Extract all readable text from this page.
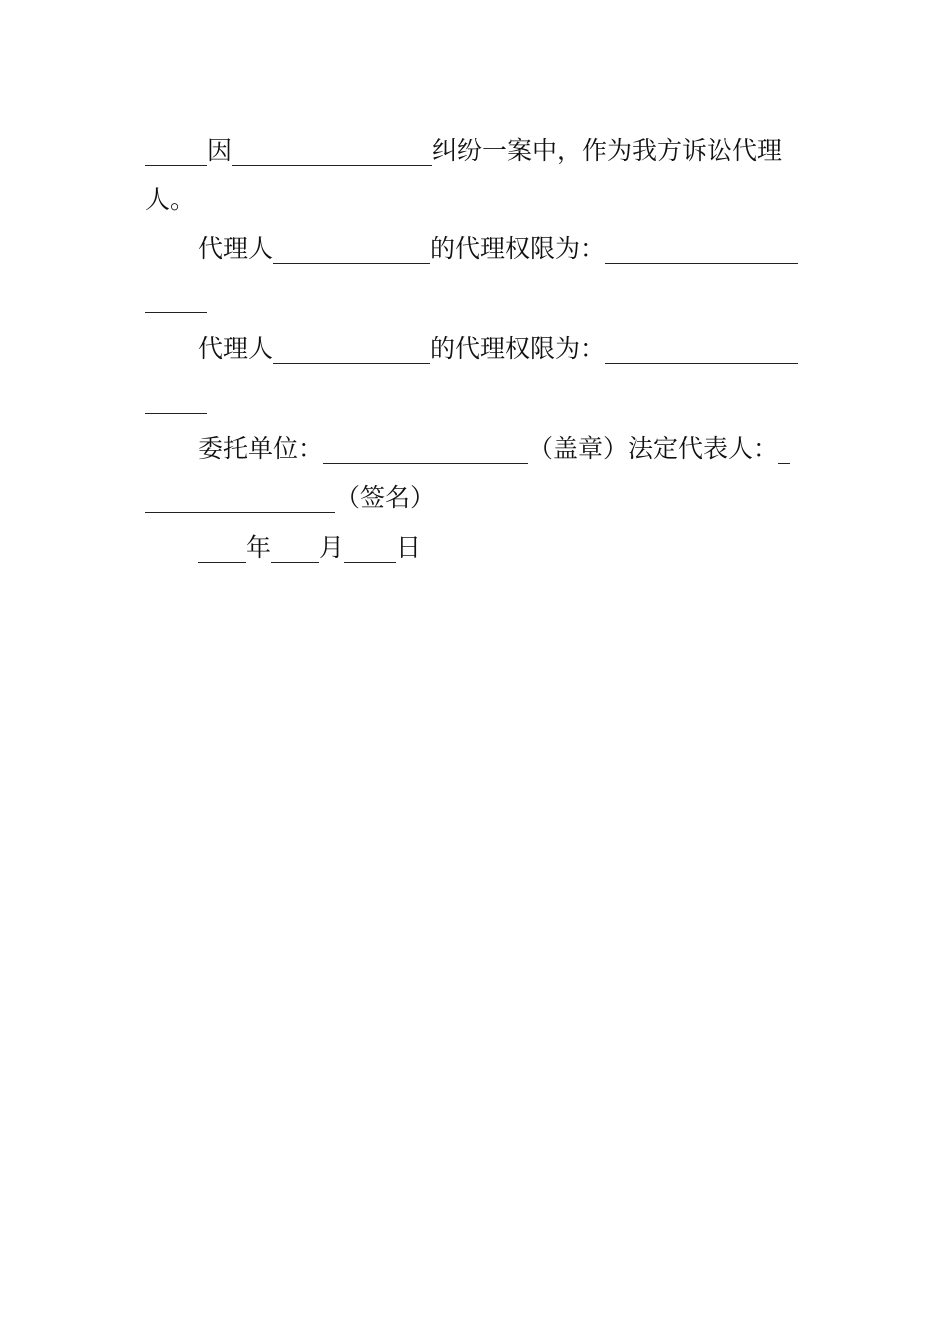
因	纠纷一案中，作为我方诉讼代理
人。
代理人	的代理权限为：
代理人	的代理权限为：
委托单位：	（盖章）法定代表人：
（签名）
年 月 日
